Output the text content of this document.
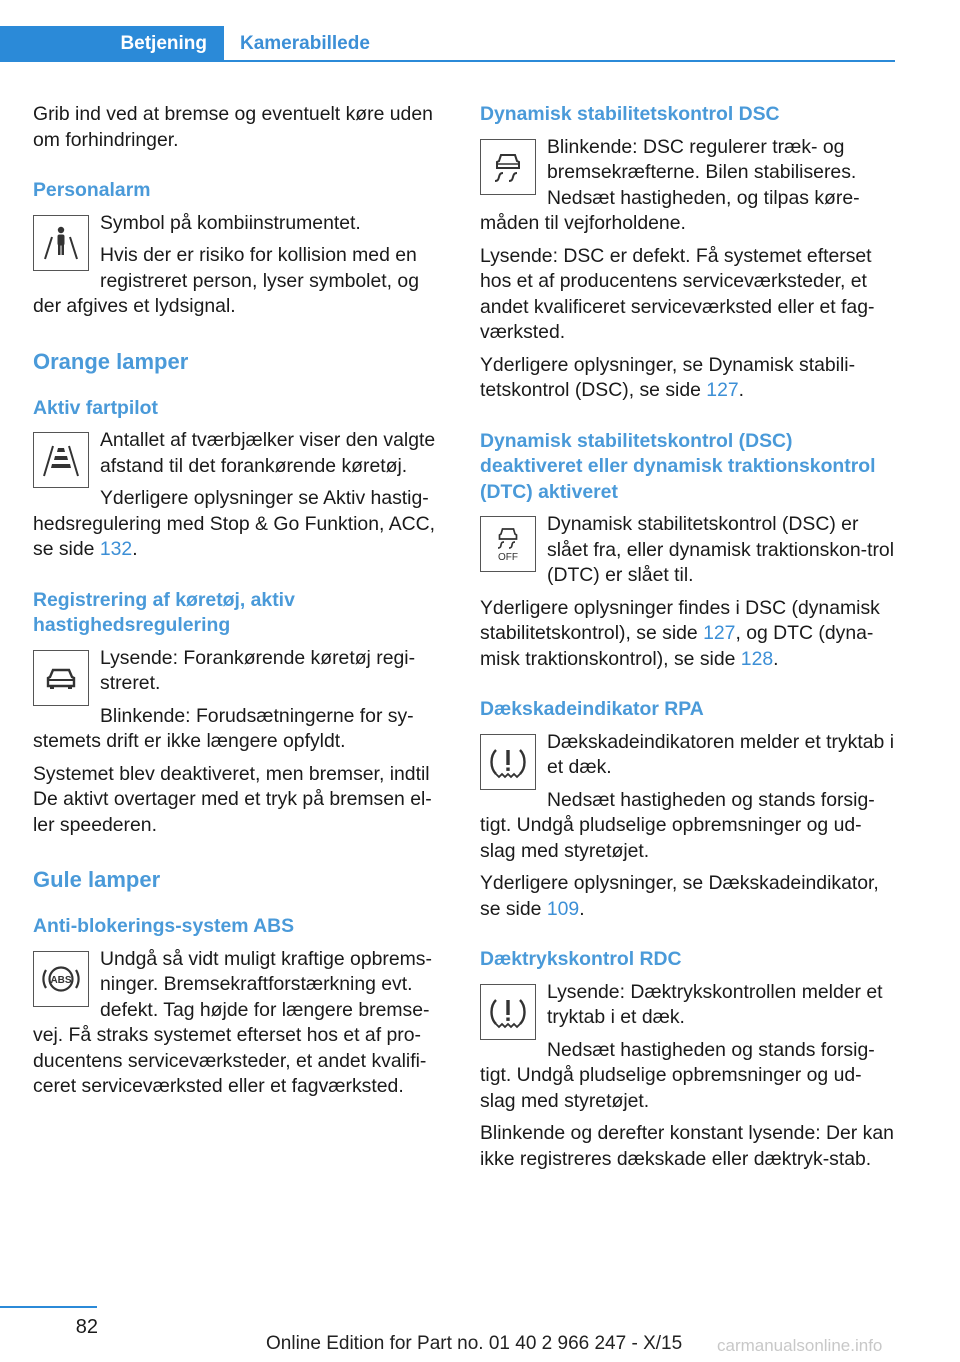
Betjening	Kamerabillede

Grib ind ved at bremse og eventuelt køre uden om forhindringer.

Personalarm

Symbol på kombiinstrumentet.

Hvis der er risiko for kollision med en registreret person, lyser symbolet, og der afgives et lydsignal.

Orange lamper
Aktiv fartpilot

Antallet af tværbjælker viser den valgte afstand til det forankørende køretøj.

Yderligere oplysninger se Aktiv hastig‐hedsregulering med Stop & Go Funktion, ACC, se side 132.

Registrering af køretøj, aktiv hastighedsregulering

Lysende: Forankørende køretøj regi‐streret.

Blinkende: Forudsætningerne for sy‐stemets drift er ikke længere opfyldt.

Systemet blev deaktiveret, men bremser, indtil De aktivt overtager med et tryk på bremsen el‐ler speederen.

Gule lamper
Anti-blokerings-system ABS
ABS

Undgå så vidt muligt kraftige opbrems‐ninger. Bremsekraftforstærkning evt. defekt. Tag højde for længere bremse‐vej. Få straks systemet efterset hos et af pro‐ducentens serviceværksteder, et andet kvalifi‐ceret serviceværksted eller et fagværksted.

Dynamisk stabilitetskontrol DSC

Blinkende: DSC regulerer træk- og bremsekræfterne. Bilen stabiliseres. Nedsæt hastigheden, og tilpas køre‐måden til vejforholdene.

Lysende: DSC er defekt. Få systemet efterset hos et af producentens serviceværksteder, et andet kvalificeret serviceværksted eller et fag‐værksted.

Yderligere oplysninger, se Dynamisk stabili‐tetskontrol (DSC), se side 127.

Dynamisk stabilitetskontrol (DSC) deaktiveret eller dynamisk traktionskontrol (DTC) aktiveret
OFF

Dynamisk stabilitetskontrol (DSC) er slået fra, eller dynamisk traktionskon‐trol (DTC) er slået til.

Yderligere oplysninger findes i DSC (dynamisk stabilitetskontrol), se side 127, og DTC (dyna‐misk traktionskontrol), se side 128.

Dækskadeindikator RPA

Dækskadeindikatoren melder et tryktab i et dæk.

Nedsæt hastigheden og stands forsig‐tigt. Undgå pludselige opbremsninger og ud‐slag med styretøjet.

Yderligere oplysninger, se Dækskadeindikator, se side 109.

Dæktrykskontrol RDC

Lysende: Dæktrykskontrollen melder et tryktab i et dæk.

Nedsæt hastigheden og stands forsig‐tigt. Undgå pludselige opbremsninger og ud‐slag med styretøjet.

Blinkende og derefter konstant lysende: Der kan ikke registreres dækskade eller dæktryk‐stab.

82
Online Edition for Part no. 01 40 2 966 247 - X/15 carmanualsonline.info
